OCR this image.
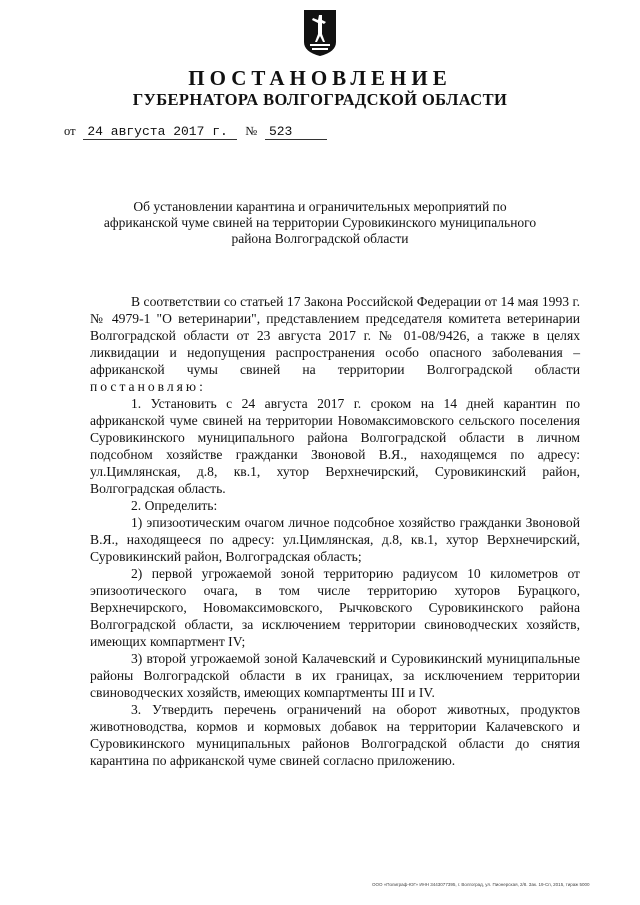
ПОСТАНОВЛЕНИЕ
ГУБЕРНАТОРА ВОЛГОГРАДСКОЙ ОБЛАСТИ
от 24 августа 2017 г. № 523
Об установлении карантина и ограничительных мероприятий по африканской чуме свиней на территории Суровикинского муниципального района Волгоградской области

В соответствии со статьей 17 Закона Российской Федерации от 14 мая 1993 г. № 4979-1 "О ветеринарии", представлением председателя комитета ветеринарии Волгоградской области от 23 августа 2017 г. № 01-08/9426, а также в целях ликвидации и недопущения распространения особо опасного заболевания – африканской чумы свиней на территории Волгоградской области постановляю:

1. Установить с 24 августа 2017 г. сроком на 14 дней карантин по африканской чуме свиней на территории Новомаксимовского сельского поселения Суровикинского муниципального района Волгоградской области в личном подсобном хозяйстве гражданки Звоновой В.Я., находящемся по адресу: ул.Цимлянская, д.8, кв.1, хутор Верхнечирский, Суровикинский район, Волгоградская область.

2. Определить:

1) эпизоотическим очагом личное подсобное хозяйство гражданки Звоновой В.Я., находящееся по адресу: ул.Цимлянская, д.8, кв.1, хутор Верхнечирский, Суровикинский район, Волгоградская область;

2) первой угрожаемой зоной территорию радиусом 10 километров от эпизоотического очага, в том числе территорию хуторов Бурацкого, Верхнечирского, Новомаксимовского, Рычковского Суровикинского района Волгоградской области, за исключением территории свиноводческих хозяйств, имеющих компартмент IV;

3) второй угрожаемой зоной Калачевский и Суровикинский муниципальные районы Волгоградской области в их границах, за исключением территории свиноводческих хозяйств, имеющих компартменты III и IV.

3. Утвердить перечень ограничений на оборот животных, продуктов животноводства, кормов и кормовых добавок на территории Калачевского и Суровикинского муниципальных районов Волгоградской области до снятия карантина по африканской чуме свиней согласно приложению.

ООО «Полиграф-ЮГ» ИНН 3443077395, г. Волгоград, ул. Пионерская, 2/8. Зак. 19-Сп, 2015, тираж 5000
